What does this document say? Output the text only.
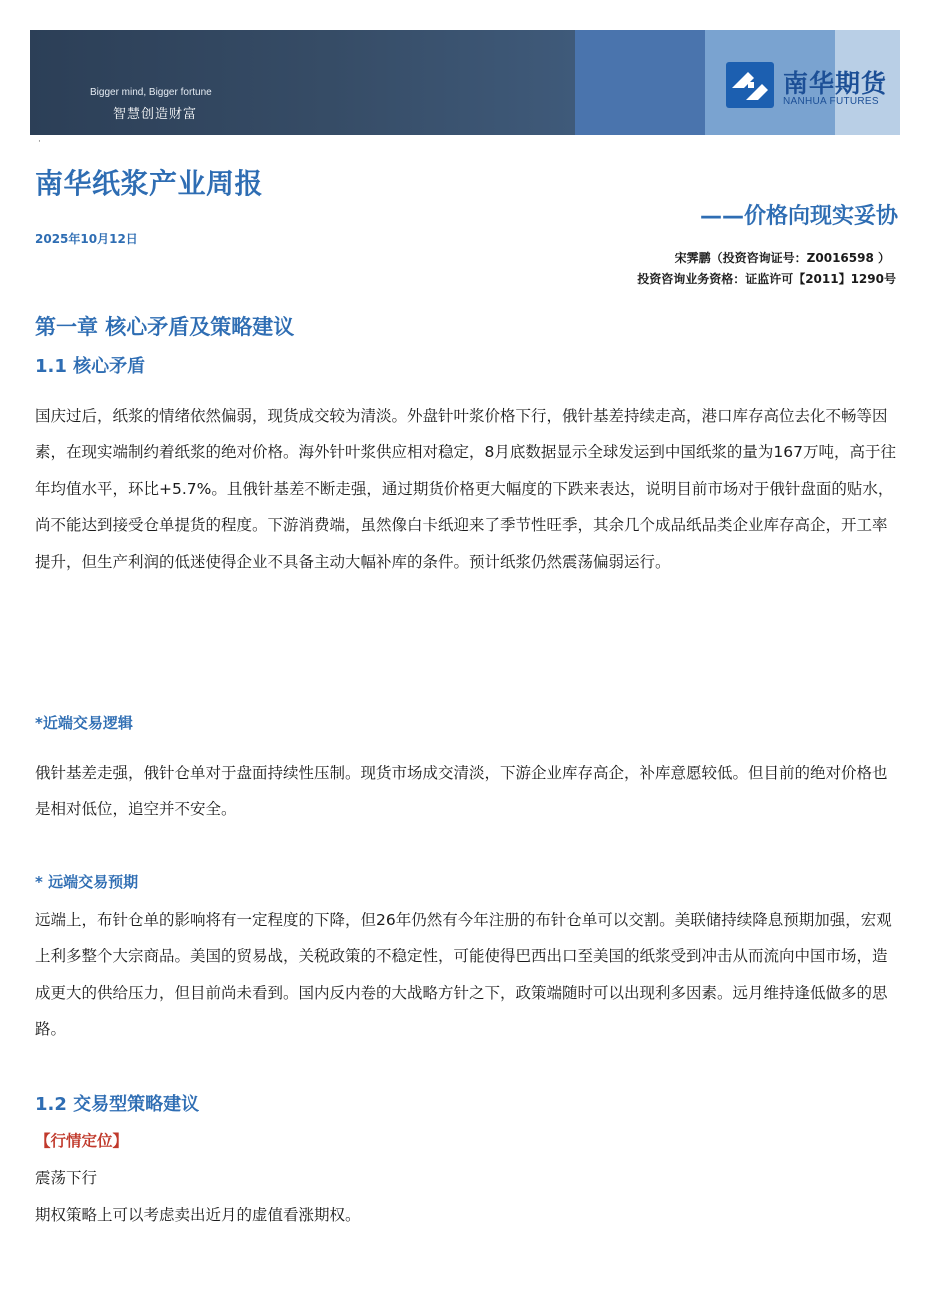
Bigger mind, Bigger fortune
智慧创造财富
南华期货
NANHUA FUTURES
·
南华纸浆产业周报
——价格向现实妥协
2025年10月12日
宋霁鹏（投资咨询证号：Z0016598 ）
投资咨询业务资格：证监许可【2011】1290号
第一章 核心矛盾及策略建议
1.1 核心矛盾

国庆过后，纸浆的情绪依然偏弱，现货成交较为清淡。外盘针叶浆价格下行，俄针基差持续走高，港口库存高位去化不畅等因素，在现实端制约着纸浆的绝对价格。海外针叶浆供应相对稳定，8月底数据显示全球发运到中国纸浆的量为167万吨，高于往年均值水平，环比+5.7%。且俄针基差不断走强，通过期货价格更大幅度的下跌来表达，说明目前市场对于俄针盘面的贴水，尚不能达到接受仓单提货的程度。下游消费端，虽然像白卡纸迎来了季节性旺季，其余几个成品纸品类企业库存高企，开工率提升，但生产利润的低迷使得企业不具备主动大幅补库的条件。预计纸浆仍然震荡偏弱运行。

*近端交易逻辑

俄针基差走强，俄针仓单对于盘面持续性压制。现货市场成交清淡，下游企业库存高企，补库意愿较低。但目前的绝对价格也是相对低位，追空并不安全。

* 远端交易预期

远端上，布针仓单的影响将有一定程度的下降，但26年仍然有今年注册的布针仓单可以交割。美联储持续降息预期加强，宏观上利多整个大宗商品。美国的贸易战，关税政策的不稳定性，可能使得巴西出口至美国的纸浆受到冲击从而流向中国市场，造成更大的供给压力，但目前尚未看到。国内反内卷的大战略方针之下，政策端随时可以出现利多因素。远月维持逢低做多的思路。

1.2 交易型策略建议
【行情定位】
震荡下行
期权策略上可以考虑卖出近月的虚值看涨期权。
